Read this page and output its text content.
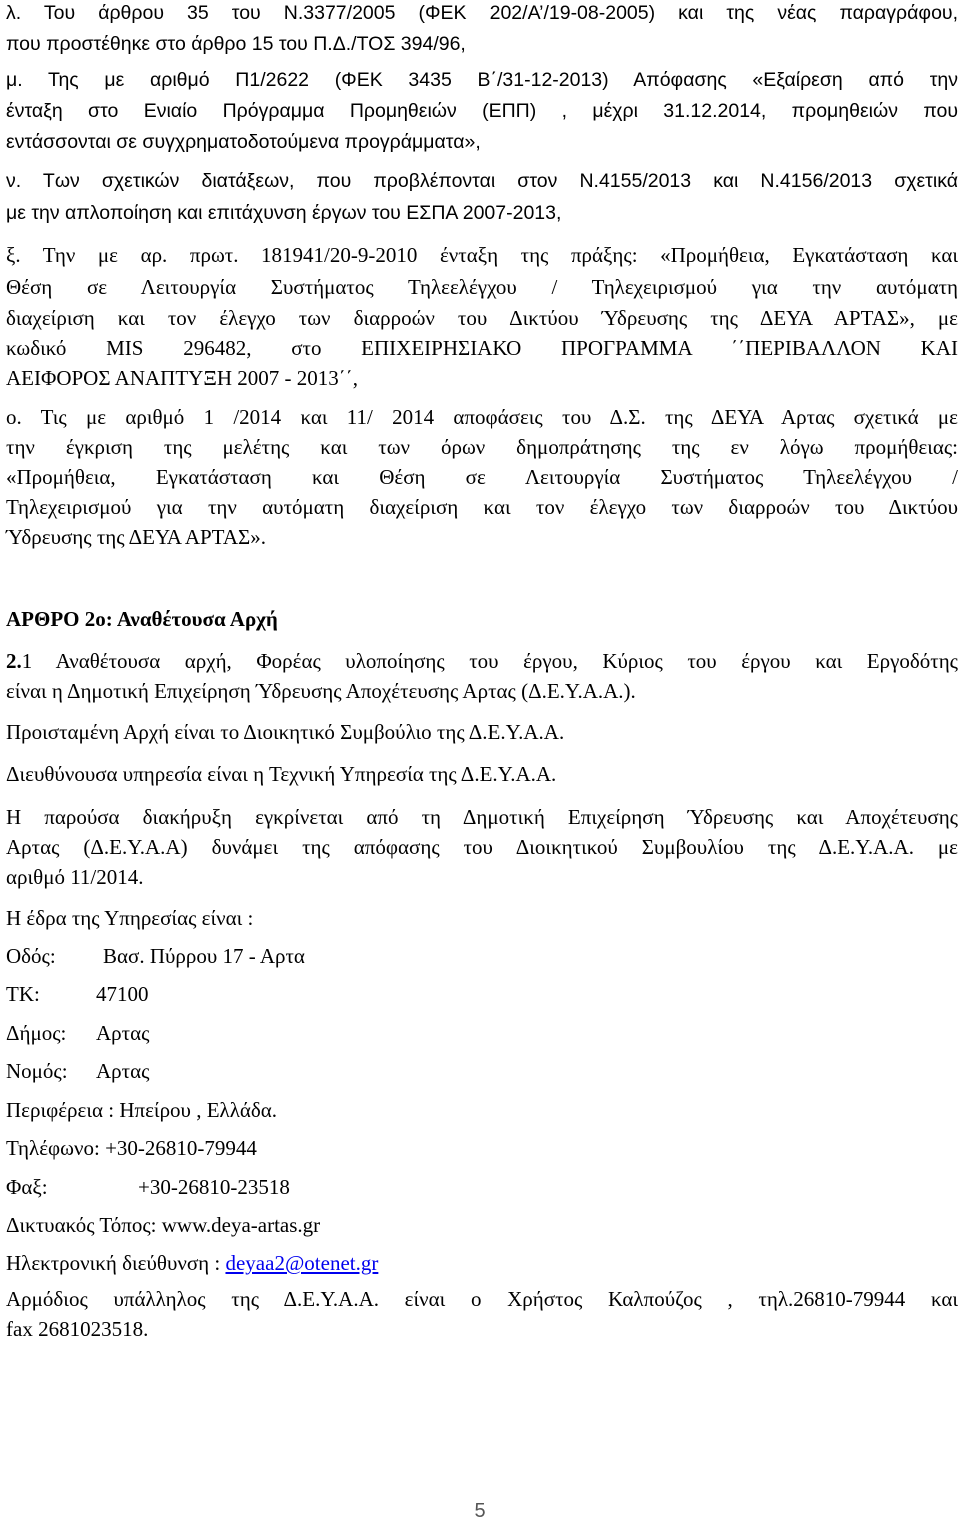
λ. Του άρθρου 35 του Ν.3377/2005 (ΦΕΚ 202/Α’/19-08-2005) και της νέας παραγράφου,

που προστέθηκε στο άρθρο 15 του Π.Δ./ΤΟΣ 394/96,

μ. Της με αριθμό Π1/2622 (ΦΕΚ 3435 Β΄/31-12-2013) Απόφασης «Εξαίρεση από την

ένταξη στο Ενιαίο Πρόγραμμα Προμηθειών (ΕΠΠ) , μέχρι 31.12.2014, προμηθειών που

εντάσσονται σε συγχρηματοδοτούμενα προγράμματα»,

ν. Των σχετικών διατάξεων, που προβλέπονται στον Ν.4155/2013 και Ν.4156/2013 σχετικά

με την απλοποίηση και επιτάχυνση έργων του ΕΣΠΑ 2007-2013,

ξ. Την με αρ. πρωτ. 181941/20-9-2010 ένταξη της πράξης: «Προμήθεια, Εγκατάσταση και

Θέση σε Λειτουργία Συστήματος Τηλεελέγχου / Τηλεχειρισμού για την αυτόματη

διαχείριση και τον έλεγχο των διαρροών του Δικτύου Ύδρευσης της ΔΕΥΑ ΑΡΤΑΣ», με

κωδικό MIS 296482, στο ΕΠΙΧΕΙΡΗΣΙΑΚΟ ΠΡΟΓΡΑΜΜΑ ΄΄ΠΕΡΙΒΑΛΛΟΝ ΚΑΙ

ΑΕΙΦΟΡΟΣ ΑΝΑΠΤΥΞΗ 2007 - 2013΄΄,

ο. Τις με αριθμό 1 /2014 και 11/ 2014 αποφάσεις του Δ.Σ. της ΔΕΥΑ Αρτας σχετικά με

την έγκριση της μελέτης και των όρων δημοπράτησης της εν λόγω προμήθειας:

«Προμήθεια, Εγκατάσταση και Θέση σε Λειτουργία Συστήματος Τηλεελέγχου /

Τηλεχειρισμού για την αυτόματη διαχείριση και τον έλεγχο των διαρροών του Δικτύου

Ύδρευσης της ΔΕΥΑ ΑΡΤΑΣ».

ΑΡΘΡΟ 2ο: Αναθέτουσα Αρχή

2.1 Αναθέτουσα αρχή, Φορέας υλοποίησης του έργου, Κύριος του έργου και Εργοδότης

είναι η Δημοτική Επιχείρηση Ύδρευσης Αποχέτευσης Αρτας (Δ.Ε.Υ.Α.Α.).

Προισταμένη Αρχή είναι το Διοικητικό Συμβούλιο της Δ.Ε.Υ.Α.Α.

Διευθύνουσα υπηρεσία είναι η Τεχνική Υπηρεσία της Δ.Ε.Υ.Α.Α.

Η παρούσα διακήρυξη εγκρίνεται από τη Δημοτική Επιχείρηση Ύδρευσης και Αποχέτευσης

Αρτας (Δ.Ε.Υ.Α.Α) δυνάμει της απόφασης του Διοικητικού Συμβουλίου της Δ.Ε.Υ.Α.Α. με

αριθμό 11/2014.

Η έδρα της Υπηρεσίας είναι :

Οδός: Βασ. Πύρρου 17 - Αρτα

ΤΚ:	47100

Δήμος: Αρτας

Νομός: Αρτας

Περιφέρεια : Ηπείρου , Ελλάδα.

Τηλέφωνο: +30-26810-79944

Φαξ:	+30-26810-23518

Δικτυακός Τόπος: www.deya-artas.gr

Ηλεκτρονική διεύθυνση : deyaa2@otenet.gr

Αρμόδιος υπάλληλος της Δ.Ε.Υ.Α.Α. είναι ο Χρήστος Καλπούζος , τηλ.26810-79944 και

fax 2681023518.

5
